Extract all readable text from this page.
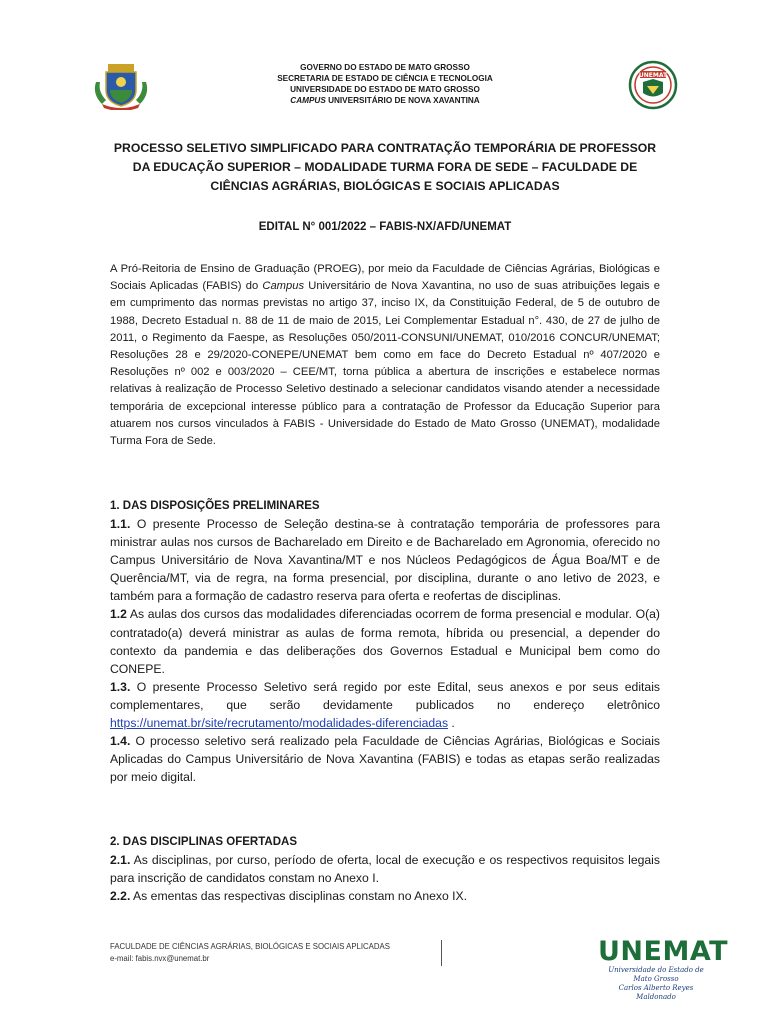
GOVERNO DO ESTADO DE MATO GROSSO
SECRETARIA DE ESTADO DE CIÊNCIA E TECNOLOGIA
UNIVERSIDADE DO ESTADO DE MATO GROSSO
CAMPUS UNIVERSITÁRIO DE NOVA XAVANTINA
UNEMAT
PROCESSO SELETIVO SIMPLIFICADO PARA CONTRATAÇÃO TEMPORÁRIA DE PROFESSOR DA EDUCAÇÃO SUPERIOR – MODALIDADE TURMA FORA DE SEDE – FACULDADE DE CIÊNCIAS AGRÁRIAS, BIOLÓGICAS E SOCIAIS APLICADAS
EDITAL N° 001/2022 – FABIS-NX/AFD/UNEMAT
A Pró-Reitoria de Ensino de Graduação (PROEG), por meio da Faculdade de Ciências Agrárias, Biológicas e Sociais Aplicadas (FABIS) do Campus Universitário de Nova Xavantina, no uso de suas atribuições legais e em cumprimento das normas previstas no artigo 37, inciso IX, da Constituição Federal, de 5 de outubro de 1988, Decreto Estadual n. 88 de 11 de maio de 2015, Lei Complementar Estadual n°. 430, de 27 de julho de 2011, o Regimento da Faespe, as Resoluções 050/2011-CONSUNI/UNEMAT, 010/2016 CONCUR/UNEMAT; Resoluções 28 e 29/2020-CONEPE/UNEMAT bem como em face do Decreto Estadual nº 407/2020 e Resoluções nº 002 e 003/2020 – CEE/MT, torna pública a abertura de inscrições e estabelece normas relativas à realização de Processo Seletivo destinado a selecionar candidatos visando atender a necessidade temporária de excepcional interesse público para a contratação de Professor da Educação Superior para atuarem nos cursos vinculados à FABIS - Universidade do Estado de Mato Grosso (UNEMAT), modalidade Turma Fora de Sede.
1. DAS DISPOSIÇÕES PRELIMINARES
1.1. O presente Processo de Seleção destina-se à contratação temporária de professores para ministrar aulas nos cursos de Bacharelado em Direito e de Bacharelado em Agronomia, oferecido no Campus Universitário de Nova Xavantina/MT e nos Núcleos Pedagógicos de Água Boa/MT e de Querência/MT, via de regra, na forma presencial, por disciplina, durante o ano letivo de 2023, e também para a formação de cadastro reserva para oferta e reofertas de disciplinas.
1.2 As aulas dos cursos das modalidades diferenciadas ocorrem de forma presencial e modular. O(a) contratado(a) deverá ministrar as aulas de forma remota, híbrida ou presencial, a depender do contexto da pandemia e das deliberações dos Governos Estadual e Municipal bem como do CONEPE.
1.3. O presente Processo Seletivo será regido por este Edital, seus anexos e por seus editais complementares, que serão devidamente publicados no endereço eletrônico https://unemat.br/site/recrutamento/modalidades-diferenciadas .
1.4. O processo seletivo será realizado pela Faculdade de Ciências Agrárias, Biológicas e Sociais Aplicadas do Campus Universitário de Nova Xavantina (FABIS) e todas as etapas serão realizadas por meio digital.
2. DAS DISCIPLINAS OFERTADAS
2.1. As disciplinas, por curso, período de oferta, local de execução e os respectivos requisitos legais para inscrição de candidatos constam no Anexo I.
2.2. As ementas das respectivas disciplinas constam no Anexo IX.
FACULDADE DE CIÊNCIAS AGRÁRIAS, BIOLÓGICAS E SOCIAIS APLICADAS
e-mail: fabis.nvx@unemat.br	UNEMAT
Universidade do Estado de Mato Grosso
Carlos Alberto Reyes Maldonado
